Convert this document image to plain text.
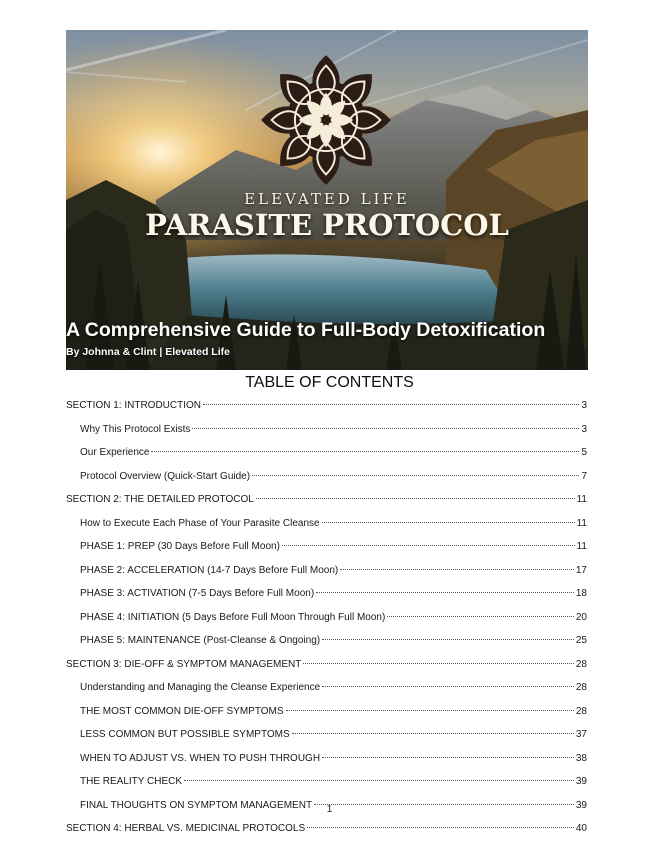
ELEVATED LIFE
PARASITE PROTOCOL
A Comprehensive Guide to Full-Body Detoxification
By Johnna & Clint | Elevated Life
TABLE OF CONTENTS
SECTION 1: INTRODUCTION	3
Why This Protocol Exists	3
Our Experience	5
Protocol Overview (Quick-Start Guide)	7
SECTION 2: THE DETAILED PROTOCOL	11
How to Execute Each Phase of Your Parasite Cleanse	11
PHASE 1: PREP (30 Days Before Full Moon)	11
PHASE 2: ACCELERATION (14-7 Days Before Full Moon)	17
PHASE 3: ACTIVATION (7-5 Days Before Full Moon)	18
PHASE 4: INITIATION (5 Days Before Full Moon Through Full Moon)	20
PHASE 5: MAINTENANCE (Post-Cleanse & Ongoing)	25
SECTION 3: DIE-OFF & SYMPTOM MANAGEMENT	28
Understanding and Managing the Cleanse Experience	28
THE MOST COMMON DIE-OFF SYMPTOMS	28
LESS COMMON BUT POSSIBLE SYMPTOMS	37
WHEN TO ADJUST VS. WHEN TO PUSH THROUGH	38
THE REALITY CHECK	39
FINAL THOUGHTS ON SYMPTOM MANAGEMENT	39
SECTION 4: HERBAL VS. MEDICINAL PROTOCOLS	40
1
